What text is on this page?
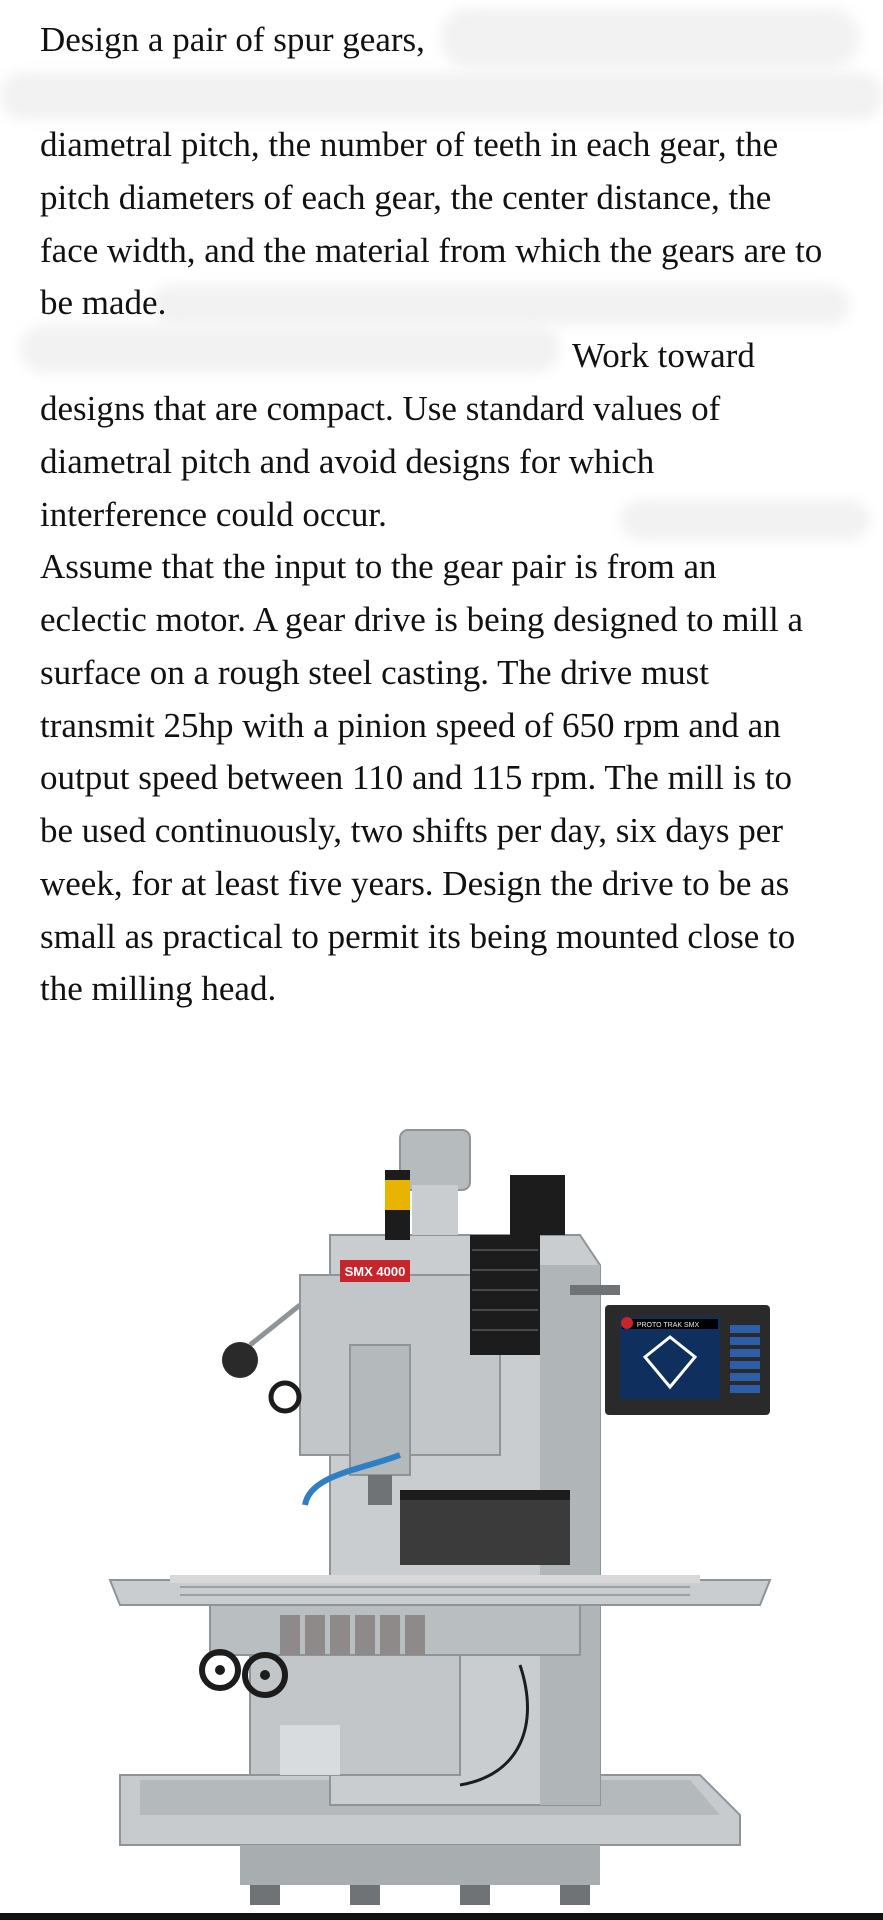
Design a pair of spur gears,
diametral pitch, the number of teeth in each gear, the
pitch diameters of each gear, the center distance, the
face width, and the material from which the gears are to
be made.
Work toward
designs that are compact. Use standard values of
diametral pitch and avoid designs for which
interference could occur.
Assume that the input to the gear pair is from an
eclectic motor. A gear drive is being designed to mill a
surface on a rough steel casting. The drive must
transmit 25hp with a pinion speed of 650 rpm and an
output speed between 110 and 115 rpm. The mill is to
be used continuously, two shifts per day, six days per
week, for at least five years. Design the drive to be as
small as practical to permit its being mounted close to
the milling head.
SMX 4000
PROTO TRAK SMX
